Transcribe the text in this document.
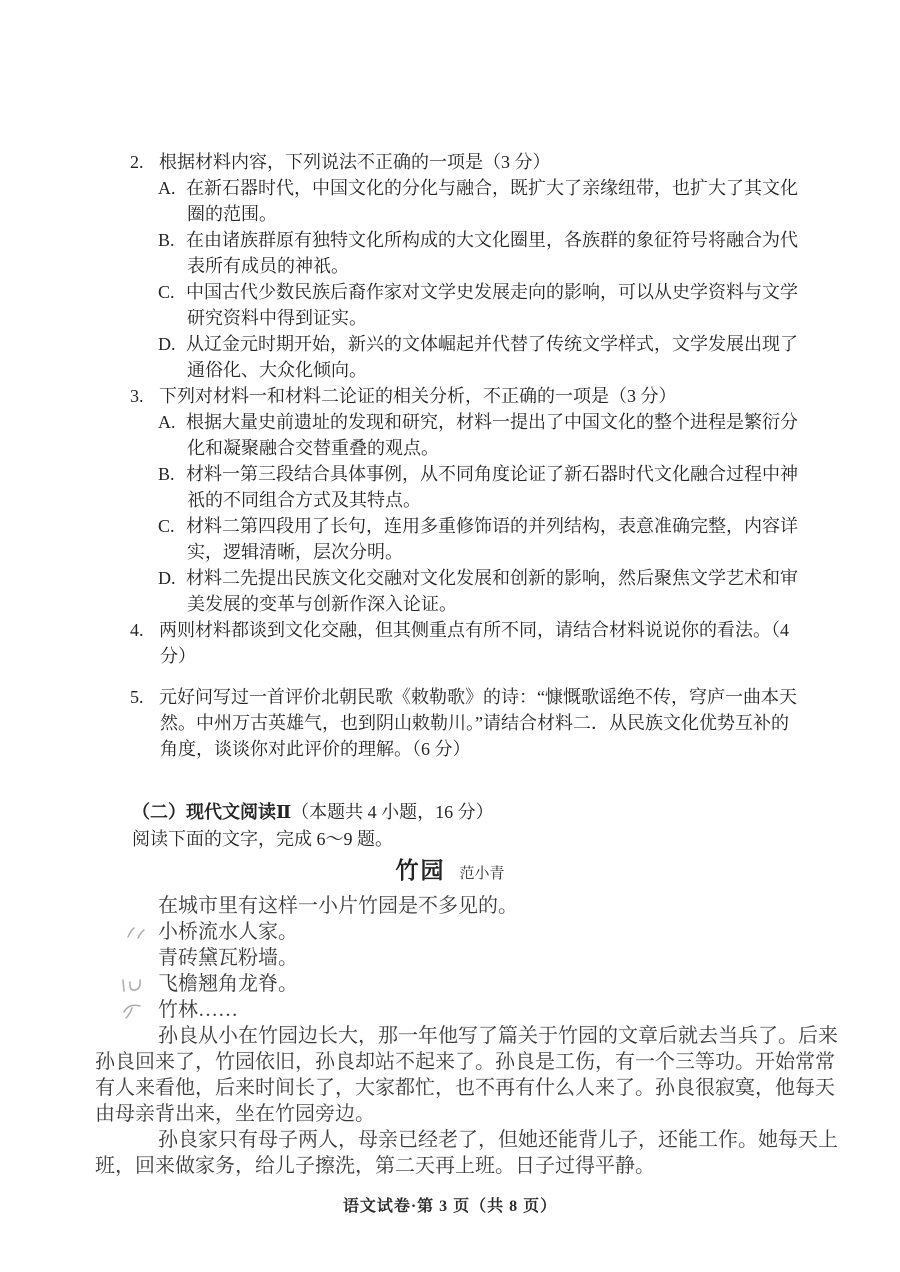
2. 根据材料内容，下列说法不正确的一项是（3 分）
A. 在新石器时代，中国文化的分化与融合，既扩大了亲缘纽带，也扩大了其文化圈的范围。
B. 在由诸族群原有独特文化所构成的大文化圈里，各族群的象征符号将融合为代表所有成员的神祇。
C. 中国古代少数民族后裔作家对文学史发展走向的影响，可以从史学资料与文学研究资料中得到证实。
D. 从辽金元时期开始，新兴的文体崛起并代替了传统文学样式，文学发展出现了通俗化、大众化倾向。
3. 下列对材料一和材料二论证的相关分析，不正确的一项是（3 分）
A. 根据大量史前遗址的发现和研究，材料一提出了中国文化的整个进程是繁衍分化和凝聚融合交替重叠的观点。
B. 材料一第三段结合具体事例，从不同角度论证了新石器时代文化融合过程中神祇的不同组合方式及其特点。
C. 材料二第四段用了长句，连用多重修饰语的并列结构，表意准确完整，内容详实，逻辑清晰，层次分明。
D. 材料二先提出民族文化交融对文化发展和创新的影响，然后聚焦文学艺术和审美发展的变革与创新作深入论证。
4. 两则材料都谈到文化交融，但其侧重点有所不同，请结合材料说说你的看法。（4 分）
5. 元好问写过一首评价北朝民歌《敕勒歌》的诗：“慷慨歌谣绝不传，穹庐一曲本天然。中州万古英雄气，也到阴山敕勒川。”请结合材料二．从民族文化优势互补的角度，谈谈你对此评价的理解。（6 分）
（二）现代文阅读Ⅱ（本题共 4 小题，16 分）
阅读下面的文字，完成 6～9 题。
竹园 范小青

在城市里有这样一小片竹园是不多见的。

小桥流水人家。

青砖黛瓦粉墙。

飞檐翘角龙脊。

竹林……

孙良从小在竹园边长大，那一年他写了篇关于竹园的文章后就去当兵了。后来孙良回来了，竹园依旧，孙良却站不起来了。孙良是工伤，有一个三等功。开始常常有人来看他，后来时间长了，大家都忙，也不再有什么人来了。孙良很寂寞，他每天由母亲背出来，坐在竹园旁边。

孙良家只有母子两人，母亲已经老了，但她还能背儿子，还能工作。她每天上班，回来做家务，给儿子擦洗，第二天再上班。日子过得平静。

语文试卷·第 3 页（共 8 页）
